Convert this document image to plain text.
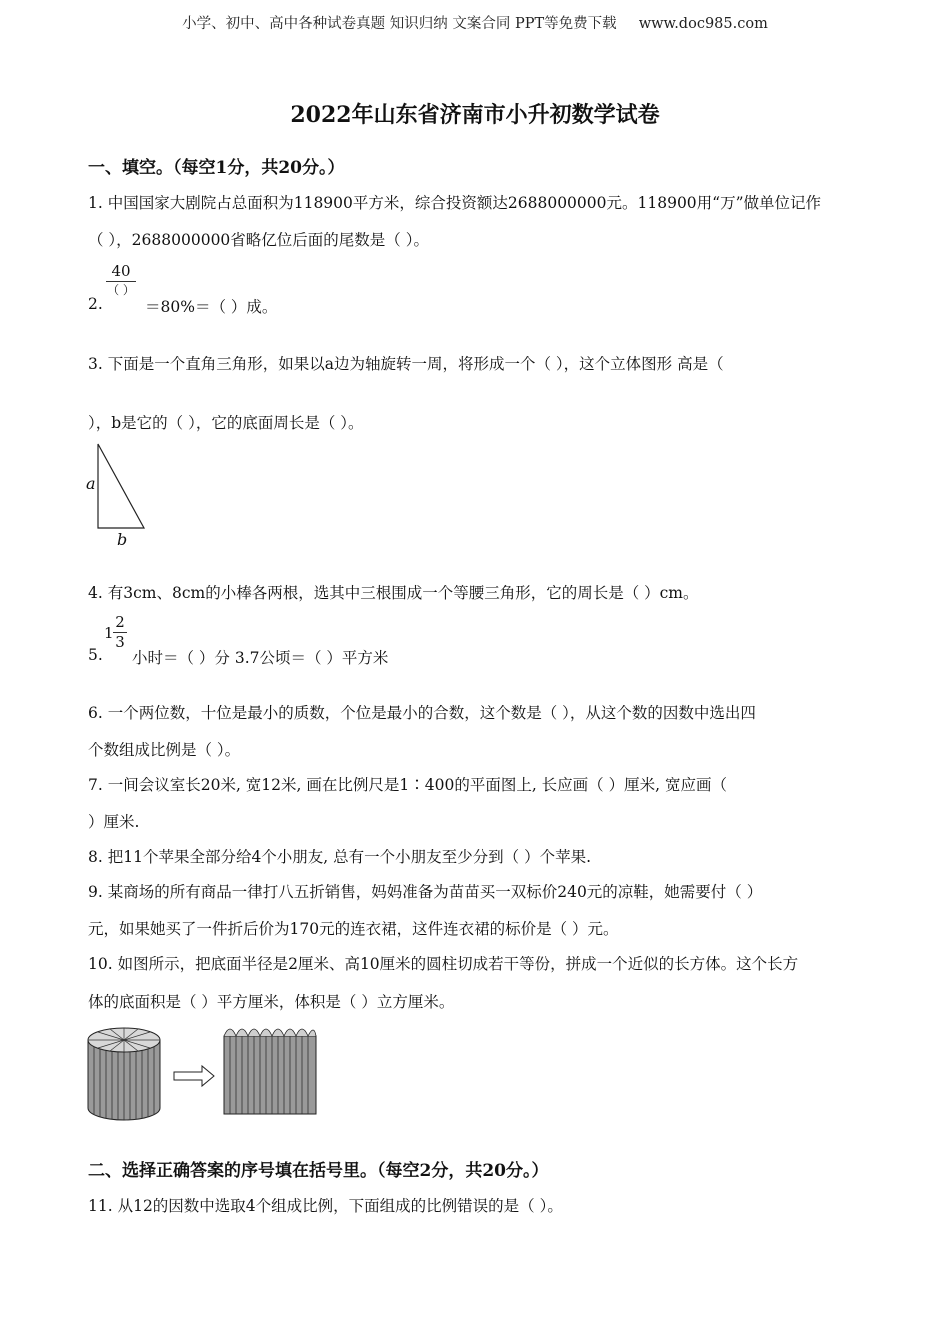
小学、初中、高中各种试卷真题 知识归纳 文案合同 PPT等免费下载 www.doc985.com
2022年山东省济南市小升初数学试卷
一、填空。（每空1分，共20分。）
1. 中国国家大剧院占总面积为118900平方米，综合投资额达2688000000元。118900用“万”做单位记作
（ ），2688000000省略亿位后面的尾数是（ ）。
40
（ ）
2.	＝80%＝（ ）成。
3. 下面是一个直角三角形，如果以a边为轴旋转一周，将形成一个（ ），这个立体图形 高是（
），b是它的（ ），它的底面周长是（ ）。
a
b
4. 有3cm、8cm的小棒各两根，选其中三根围成一个等腰三角形，它的周长是（ ）cm。
5.
1
2
3
小时＝（ ）分 3.7公顷＝（ ）平方米
6. 一个两位数，十位是最小的质数，个位是最小的合数，这个数是（ ），从这个数的因数中选出四
个数组成比例是（ ）。
7. 一间会议室长20米, 宽12米, 画在比例尺是1∶400的平面图上, 长应画（ ）厘米, 宽应画（
）厘米.
8. 把11个苹果全部分给4个小朋友, 总有一个小朋友至少分到（ ）个苹果.
9. 某商场的所有商品一律打八五折销售，妈妈准备为苗苗买一双标价240元的凉鞋，她需要付（ ）
元，如果她买了一件折后价为170元的连衣裙，这件连衣裙的标价是（ ）元。
10. 如图所示，把底面半径是2厘米、高10厘米的圆柱切成若干等份，拼成一个近似的长方体。这个长方
体的底面积是（ ）平方厘米，体积是（ ）立方厘米。
二、选择正确答案的序号填在括号里。（每空2分，共20分。）
11. 从12的因数中选取4个组成比例，下面组成的比例错误的是（ ）。
